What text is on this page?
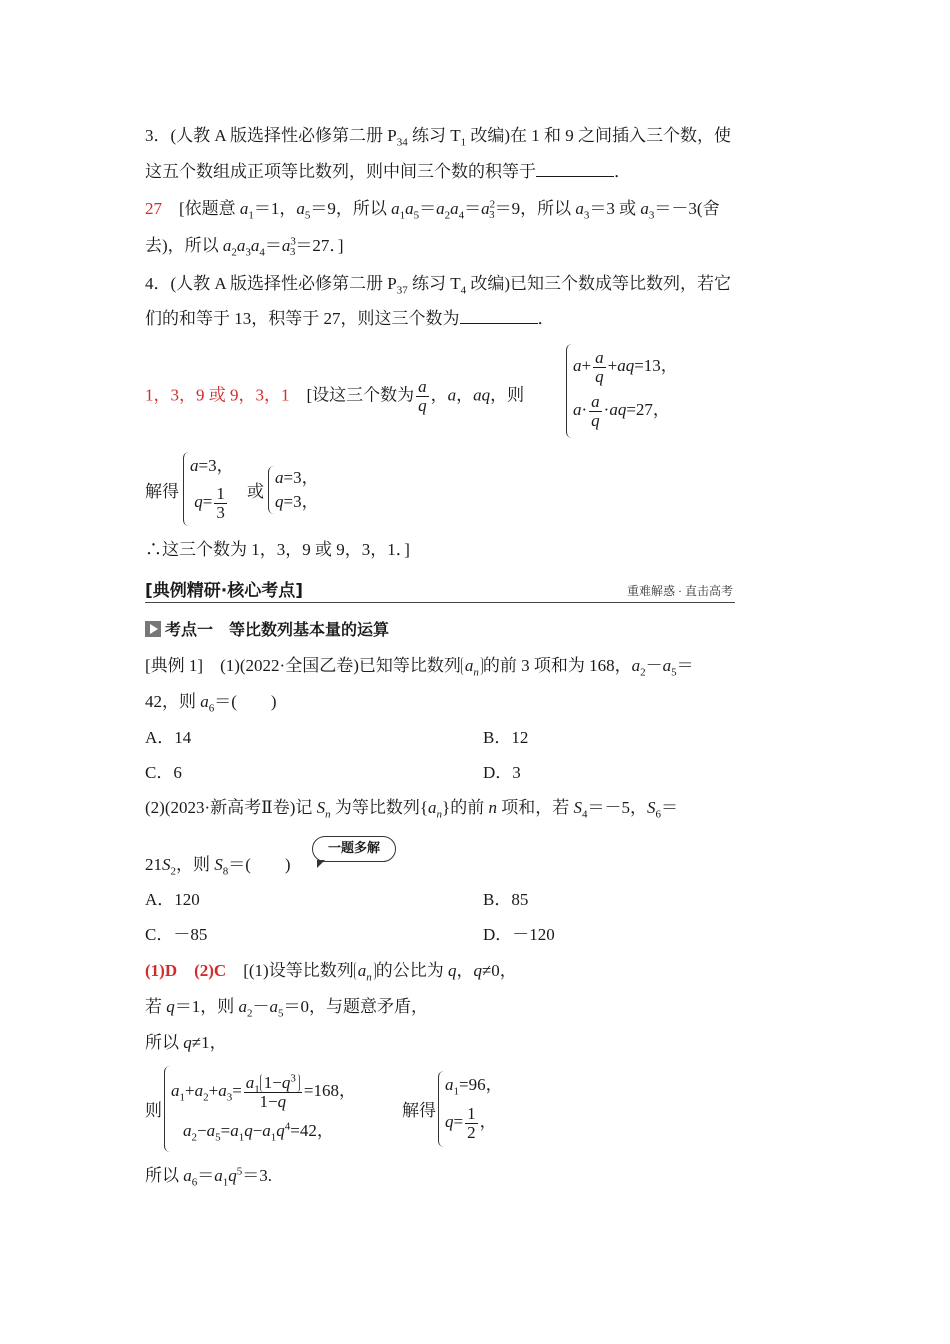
3．(人教 A 版选择性必修第二册 $P_{34}$ 练习 $T_1$ 改编)在 1 和 9 之间插入三个数，使
这五个数组成正项等比数列，则中间三个数的积等于	．
27　[依题意 $a_1=1$，$a_5=9$，所以 $a_1a_5=a_2a_4=a^2_3=9$，所以 $a_3=3$ 或 $a_3=-3$(舍
去)，所以 $a_2a_3a_4=a^3_3=27$．]
4．(人教 A 版选择性必修第二册 $P_{37}$ 练习 $T_4$ 改编)已知三个数成等比数列，若它
们的和等于 13，积等于 27，则这三个数为	．
1，3，9 或 9，3，1　 [设这三个数为 $\frac{a}{q}$ ，a，aq，则
$a+ \frac{a}{q} +aq=13$，
$a\cdot \frac{a}{q} \cdot aq=27$，
解得
a=3，
$q= \frac{1}{3}$ 或
a=3，
q=3，
∴这三个数为 1，3，9 或 9，3，1．]
[典例精研·核心考点]	重难解惑 · 直击高考
考点一　等比数列基本量的运算
[典例 1]　(1)(2022·全国乙卷)已知等比数列 $a_n$ 的前 3 项和为 168，$a_2-a_5=$
42，则 $a_6=$(　　)
A．14	B．12
C．6	D．3
(2)(2023·新高考Ⅱ卷)记 $S_n$ 为等比数列$\{a_n\}$的前 n 项和，若 $S_4=-5$，$S_6=$
$21S_2$，则 $S_8=$(　　)
一题多解
A．120	B．85
C．－85	D．－120
(1)D　 (2)C　[(1)设等比数列 $a_n$ 的公比为 q，q≠0，
若 q＝1，则 $a_2-a_5=0$，与题意矛盾，
所以 q≠1，
则
$a_1+a_2+a_3= \frac{a_1 1-q^3}{1-q} =168$，
$a_2-a_5=a_1q-a_1q^4=42$，
解得
$a_1=96$，
$q= \frac{1}{2}$ ，
所以 $a_6=a_1q^5=3$.
